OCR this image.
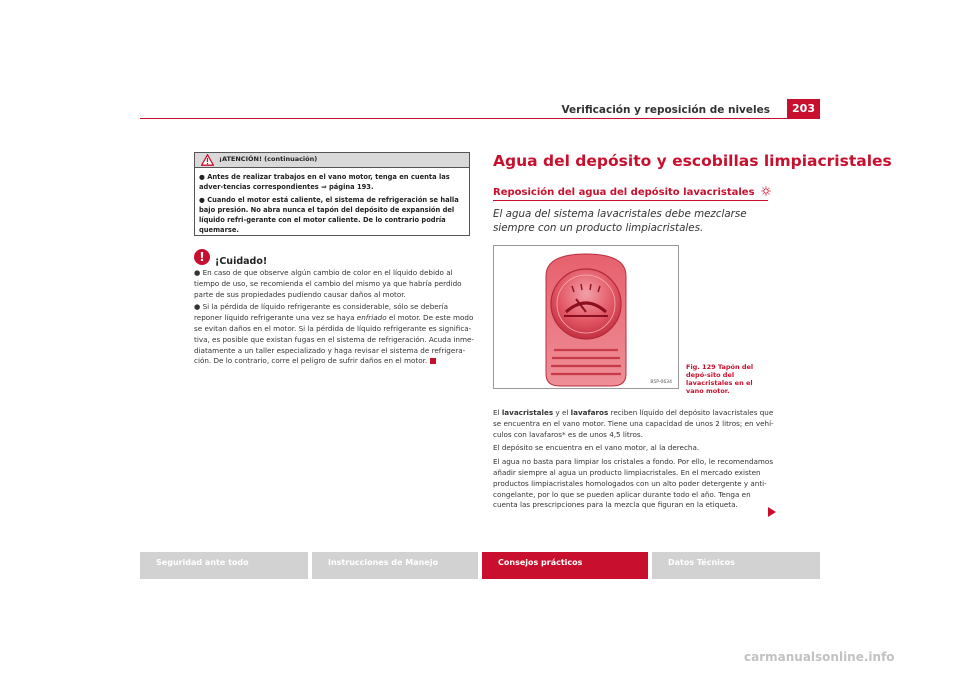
Verificación y reposición de niveles	203
¡ATENCIÓN! (continuación)

● Antes de realizar trabajos en el vano motor, tenga en cuenta las adver-tencias correspondientes ⇒ página 193.

● Cuando el motor está caliente, el sistema de refrigeración se halla bajo presión. No abra nunca el tapón del depósito de expansión del líquido refri-gerante con el motor caliente. De lo contrario podría quemarse.

!	¡Cuidado!

● En caso de que observe algún cambio de color en el líquido debido al tiempo de uso, se recomienda el cambio del mismo ya que habría perdido parte de sus propiedades pudiendo causar daños al motor.

● Si la pérdida de líquido refrigerante es considerable, sólo se debería reponer líquido refrigerante una vez se haya enfriado el motor. De este modo se evitan daños en el motor. Si la pérdida de líquido refrigerante es significa-tiva, es posible que existan fugas en el sistema de refrigeración. Acuda inme-diatamente a un taller especializado y haga revisar el sistema de refrigera-ción. De lo contrario, corre el peligro de sufrir daños en el motor.

Agua del depósito y escobillas limpiacristales
Reposición del agua del depósito lavacristales
El agua del sistema lavacristales debe mezclarse siempre con un producto limpiacristales.
B5P-0634
Fig. 129 Tapón del depó-sito del lavacristales en el vano motor.

El lavacristales y el lavafaros reciben líquido del depósito lavacristales que se encuentra en el vano motor. Tiene una capacidad de unos 2 litros; en vehí-culos con lavafaros* es de unos 4,5 litros.

El depósito se encuentra en el vano motor, al la derecha.

El agua no basta para limpiar los cristales a fondo. Por ello, le recomendamos añadir siempre al agua un producto limpiacristales. En el mercado existen productos limpiacristales homologados con un alto poder detergente y anti-congelante, por lo que se pueden aplicar durante todo el año. Tenga en cuenta las prescripciones para la mezcla que figuran en la etiqueta.

Seguridad ante todo	Instrucciones de Manejo	Consejos prácticos	Datos Técnicos
carmanualsonline.info
